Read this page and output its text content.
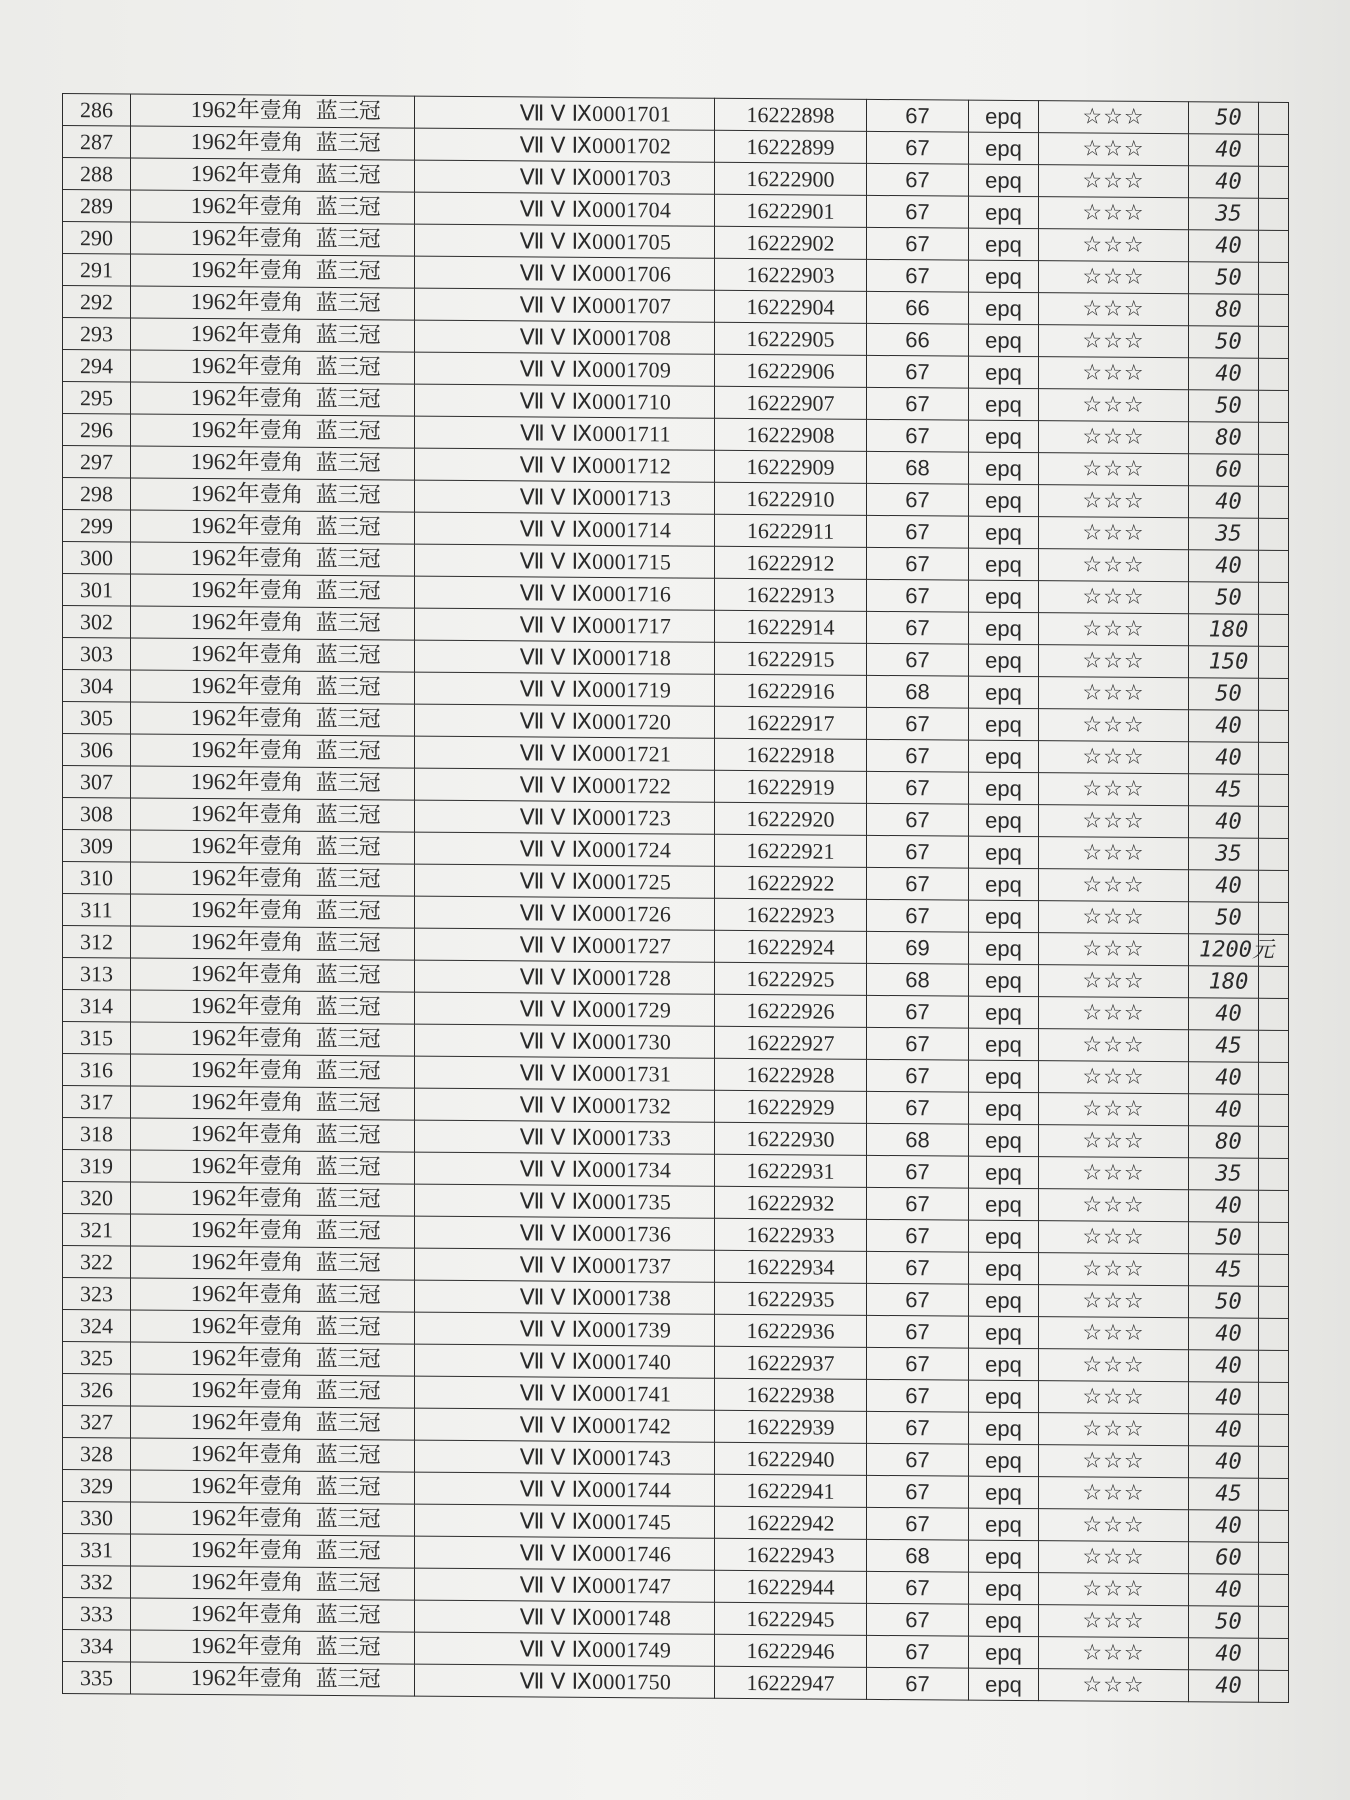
286	1962年壹角 蓝三冠	Ⅶ Ⅴ Ⅸ0001701	16222898	67	epq	☆☆☆	50	
287	1962年壹角 蓝三冠	Ⅶ Ⅴ Ⅸ0001702	16222899	67	epq	☆☆☆	40	
288	1962年壹角 蓝三冠	Ⅶ Ⅴ Ⅸ0001703	16222900	67	epq	☆☆☆	40	
289	1962年壹角 蓝三冠	Ⅶ Ⅴ Ⅸ0001704	16222901	67	epq	☆☆☆	35	
290	1962年壹角 蓝三冠	Ⅶ Ⅴ Ⅸ0001705	16222902	67	epq	☆☆☆	40	
291	1962年壹角 蓝三冠	Ⅶ Ⅴ Ⅸ0001706	16222903	67	epq	☆☆☆	50	
292	1962年壹角 蓝三冠	Ⅶ Ⅴ Ⅸ0001707	16222904	66	epq	☆☆☆	80	
293	1962年壹角 蓝三冠	Ⅶ Ⅴ Ⅸ0001708	16222905	66	epq	☆☆☆	50	
294	1962年壹角 蓝三冠	Ⅶ Ⅴ Ⅸ0001709	16222906	67	epq	☆☆☆	40	
295	1962年壹角 蓝三冠	Ⅶ Ⅴ Ⅸ0001710	16222907	67	epq	☆☆☆	50	
296	1962年壹角 蓝三冠	Ⅶ Ⅴ Ⅸ0001711	16222908	67	epq	☆☆☆	80	
297	1962年壹角 蓝三冠	Ⅶ Ⅴ Ⅸ0001712	16222909	68	epq	☆☆☆	60	
298	1962年壹角 蓝三冠	Ⅶ Ⅴ Ⅸ0001713	16222910	67	epq	☆☆☆	40	
299	1962年壹角 蓝三冠	Ⅶ Ⅴ Ⅸ0001714	16222911	67	epq	☆☆☆	35	
300	1962年壹角 蓝三冠	Ⅶ Ⅴ Ⅸ0001715	16222912	67	epq	☆☆☆	40	
301	1962年壹角 蓝三冠	Ⅶ Ⅴ Ⅸ0001716	16222913	67	epq	☆☆☆	50	
302	1962年壹角 蓝三冠	Ⅶ Ⅴ Ⅸ0001717	16222914	67	epq	☆☆☆	180	
303	1962年壹角 蓝三冠	Ⅶ Ⅴ Ⅸ0001718	16222915	67	epq	☆☆☆	150	
304	1962年壹角 蓝三冠	Ⅶ Ⅴ Ⅸ0001719	16222916	68	epq	☆☆☆	50	
305	1962年壹角 蓝三冠	Ⅶ Ⅴ Ⅸ0001720	16222917	67	epq	☆☆☆	40	
306	1962年壹角 蓝三冠	Ⅶ Ⅴ Ⅸ0001721	16222918	67	epq	☆☆☆	40	
307	1962年壹角 蓝三冠	Ⅶ Ⅴ Ⅸ0001722	16222919	67	epq	☆☆☆	45	
308	1962年壹角 蓝三冠	Ⅶ Ⅴ Ⅸ0001723	16222920	67	epq	☆☆☆	40	
309	1962年壹角 蓝三冠	Ⅶ Ⅴ Ⅸ0001724	16222921	67	epq	☆☆☆	35	
310	1962年壹角 蓝三冠	Ⅶ Ⅴ Ⅸ0001725	16222922	67	epq	☆☆☆	40	
311	1962年壹角 蓝三冠	Ⅶ Ⅴ Ⅸ0001726	16222923	67	epq	☆☆☆	50	
312	1962年壹角 蓝三冠	Ⅶ Ⅴ Ⅸ0001727	16222924	69	epq	☆☆☆	1200元	
313	1962年壹角 蓝三冠	Ⅶ Ⅴ Ⅸ0001728	16222925	68	epq	☆☆☆	180	
314	1962年壹角 蓝三冠	Ⅶ Ⅴ Ⅸ0001729	16222926	67	epq	☆☆☆	40	
315	1962年壹角 蓝三冠	Ⅶ Ⅴ Ⅸ0001730	16222927	67	epq	☆☆☆	45	
316	1962年壹角 蓝三冠	Ⅶ Ⅴ Ⅸ0001731	16222928	67	epq	☆☆☆	40	
317	1962年壹角 蓝三冠	Ⅶ Ⅴ Ⅸ0001732	16222929	67	epq	☆☆☆	40	
318	1962年壹角 蓝三冠	Ⅶ Ⅴ Ⅸ0001733	16222930	68	epq	☆☆☆	80	
319	1962年壹角 蓝三冠	Ⅶ Ⅴ Ⅸ0001734	16222931	67	epq	☆☆☆	35	
320	1962年壹角 蓝三冠	Ⅶ Ⅴ Ⅸ0001735	16222932	67	epq	☆☆☆	40	
321	1962年壹角 蓝三冠	Ⅶ Ⅴ Ⅸ0001736	16222933	67	epq	☆☆☆	50	
322	1962年壹角 蓝三冠	Ⅶ Ⅴ Ⅸ0001737	16222934	67	epq	☆☆☆	45	
323	1962年壹角 蓝三冠	Ⅶ Ⅴ Ⅸ0001738	16222935	67	epq	☆☆☆	50	
324	1962年壹角 蓝三冠	Ⅶ Ⅴ Ⅸ0001739	16222936	67	epq	☆☆☆	40	
325	1962年壹角 蓝三冠	Ⅶ Ⅴ Ⅸ0001740	16222937	67	epq	☆☆☆	40	
326	1962年壹角 蓝三冠	Ⅶ Ⅴ Ⅸ0001741	16222938	67	epq	☆☆☆	40	
327	1962年壹角 蓝三冠	Ⅶ Ⅴ Ⅸ0001742	16222939	67	epq	☆☆☆	40	
328	1962年壹角 蓝三冠	Ⅶ Ⅴ Ⅸ0001743	16222940	67	epq	☆☆☆	40	
329	1962年壹角 蓝三冠	Ⅶ Ⅴ Ⅸ0001744	16222941	67	epq	☆☆☆	45	
330	1962年壹角 蓝三冠	Ⅶ Ⅴ Ⅸ0001745	16222942	67	epq	☆☆☆	40	
331	1962年壹角 蓝三冠	Ⅶ Ⅴ Ⅸ0001746	16222943	68	epq	☆☆☆	60	
332	1962年壹角 蓝三冠	Ⅶ Ⅴ Ⅸ0001747	16222944	67	epq	☆☆☆	40	
333	1962年壹角 蓝三冠	Ⅶ Ⅴ Ⅸ0001748	16222945	67	epq	☆☆☆	50	
334	1962年壹角 蓝三冠	Ⅶ Ⅴ Ⅸ0001749	16222946	67	epq	☆☆☆	40	
335	1962年壹角 蓝三冠	Ⅶ Ⅴ Ⅸ0001750	16222947	67	epq	☆☆☆	40	
